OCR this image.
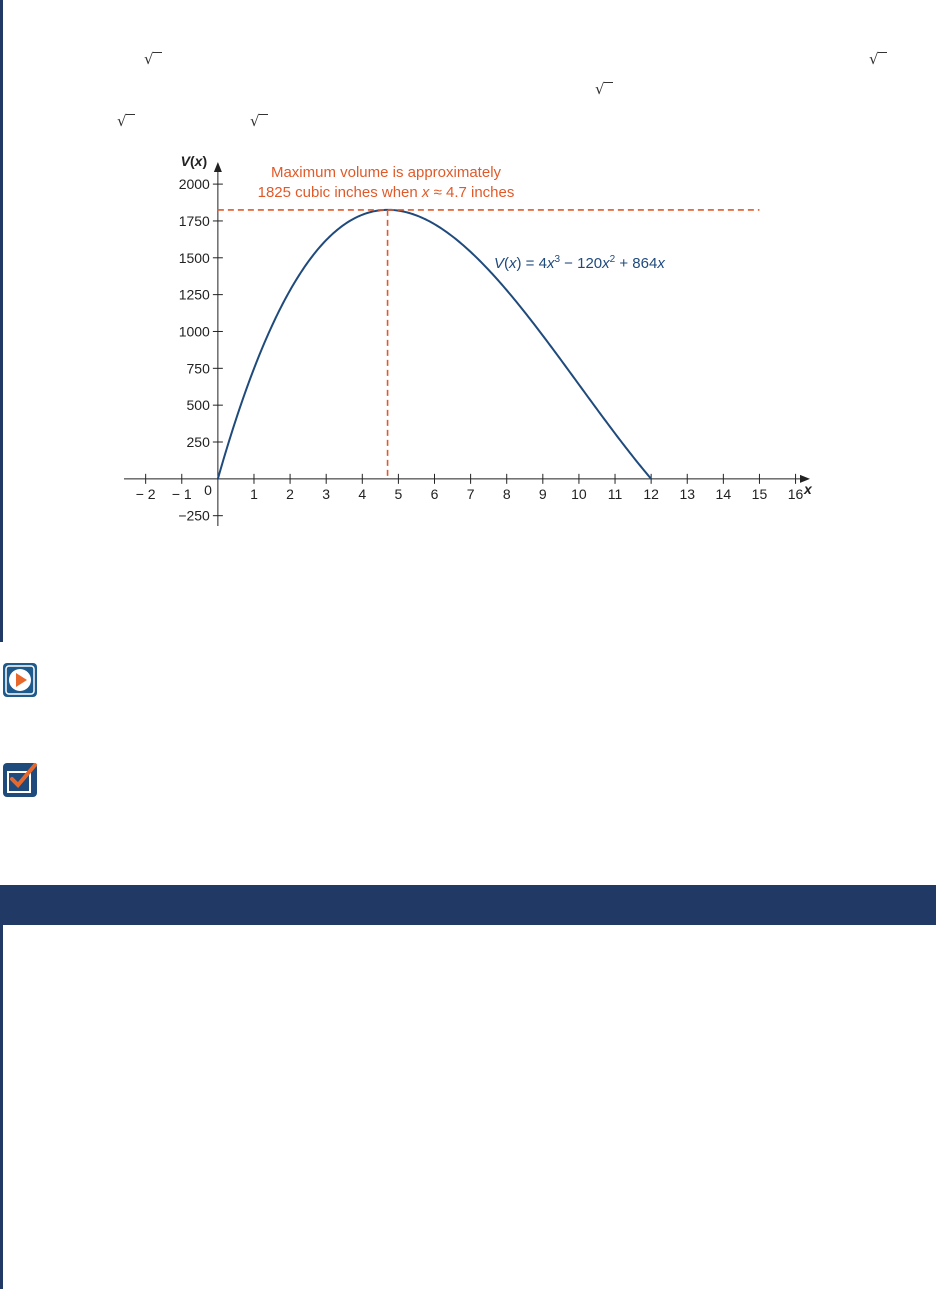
√	√
√
√	√
− 2 − 1	1 2 3 4 5 6 7 8 9 10 11 12 13 14 15 16
0
−250
250
500
750
1000
1250
1500
1750
2000
Maximum volume is approximately
1825 cubic inches when x ≈ 4.7 inches
$V(x) = 4x^3 - 120x^2 + 864x$
V(x)
x
